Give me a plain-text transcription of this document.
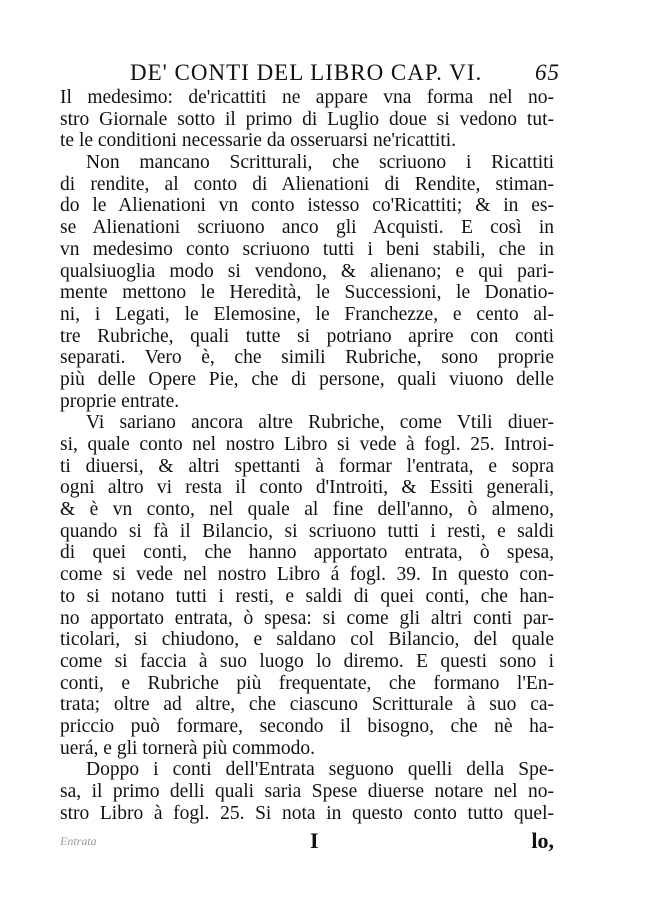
DE' CONTI DEL LIBRO CAP. VI. 65
Il medesimo: de'ricattiti ne appare vna forma nel no-
stro Giornale sotto il primo di Luglio doue si vedono tut-
te le conditioni necessarie da osseruarsi ne'ricattiti.
Non mancano Scritturali, che scriuono i Ricattiti
di rendite, al conto di Alienationi di Rendite, stiman-
do le Alienationi vn conto istesso co'Ricattiti; & in es-
se Alienationi scriuono anco gli Acquisti. E così in
vn medesimo conto scriuono tutti i beni stabili, che in
qualsiuoglia modo si vendono, & alienano; e qui pari-
mente mettono le Heredità, le Successioni, le Donatio-
ni, i Legati, le Elemosine, le Franchezze, e cento al-
tre Rubriche, quali tutte si potriano aprire con conti
separati. Vero è, che simili Rubriche, sono proprie
più delle Opere Pie, che di persone, quali viuono delle
proprie entrate.
Vi sariano ancora altre Rubriche, come Vtili diuer-
si, quale conto nel nostro Libro si vede à fogl. 25. Introi-
ti diuersi, & altri spettanti à formar l'entrata, e sopra
ogni altro vi resta il conto d'Introiti, & Essiti generali,
& è vn conto, nel quale al fine dell'anno, ò almeno,
quando si fà il Bilancio, si scriuono tutti i resti, e saldi
di quei conti, che hanno apportato entrata, ò spesa,
come si vede nel nostro Libro á fogl. 39. In questo con-
to si notano tutti i resti, e saldi di quei conti, che han-
no apportato entrata, ò spesa: si come gli altri conti par-
ticolari, si chiudono, e saldano col Bilancio, del quale
come si faccia à suo luogo lo diremo. E questi sono i
conti, e Rubriche più frequentate, che formano l'En-
trata; oltre ad altre, che ciascuno Scritturale à suo ca-
priccio può formare, secondo il bisogno, che nè ha-
uerá, e gli tornerà più commodo.
Doppo i conti dell'Entrata seguono quelli della Spe-
sa, il primo delli quali saria Spese diuerse notare nel no-
stro Libro à fogl. 25. Si nota in questo conto tutto quel-
Entrata	I	lo,
